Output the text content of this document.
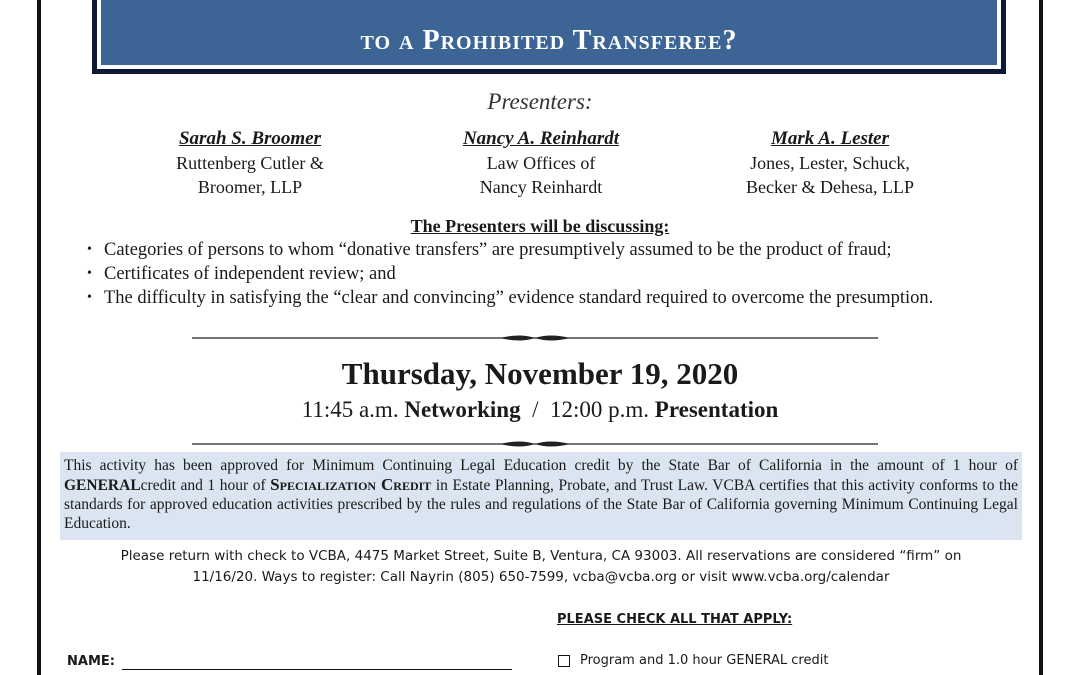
to a Prohibited Transferee?
Presenters:
Sarah S. Broomer
Ruttenberg Cutler &
Broomer, LLP
Nancy A. Reinhardt
Law Offices of
Nancy Reinhardt
Mark A. Lester
Jones, Lester, Schuck,
Becker & Dehesa, LLP
The Presenters will be discussing:
• Categories of persons to whom “donative transfers” are presumptively assumed to be the product of fraud;
• Certificates of independent review; and
• The difficulty in satisfying the “clear and convincing” evidence standard required to overcome the presumption.
Thursday, November 19, 2020
11:45 a.m. Networking / 12:00 p.m. Presentation
This activity has been approved for Minimum Continuing Legal Education credit by the State Bar of California in the amount of 1 hour of GENERALcredit and 1 hour of Specialization Credit in Estate Planning, Probate, and Trust Law. VCBA certifies that this activity conforms to the standards for approved education activities prescribed by the rules and regulations of the State Bar of California governing Minimum Continuing Legal Education.
Please return with check to VCBA, 4475 Market Street, Suite B, Ventura, CA 93003. All reservations are considered “firm” on
11/16/20. Ways to register: Call Nayrin (805) 650-7599, vcba@vcba.org or visit www.vcba.org/calendar
PLEASE CHECK ALL THAT APPLY:
NAME:	Program and 1.0 hour GENERAL credit
